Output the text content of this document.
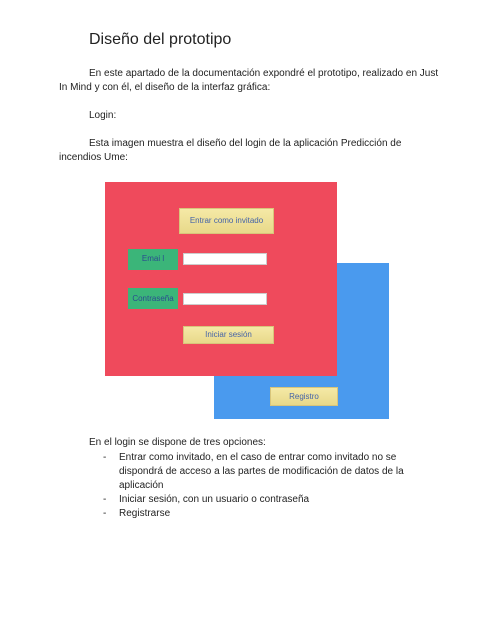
Diseño del prototipo
En este apartado de la documentación expondré el prototipo, realizado en Just In Mind y con él, el diseño de la interfaz gráfica:
Login:
Esta imagen muestra el diseño del login de la aplicación Predicción de incendios Ume:
Registro
Entrar como invitado
Emai l
Contraseña
Iniciar sesión
En el login se dispone de tres opciones:
-	Entrar como invitado, en el caso de entrar como invitado no se dispondrá de acceso a las partes de modificación de datos de la aplicación
-	Iniciar sesión, con un usuario o contraseña
-	Registrarse
